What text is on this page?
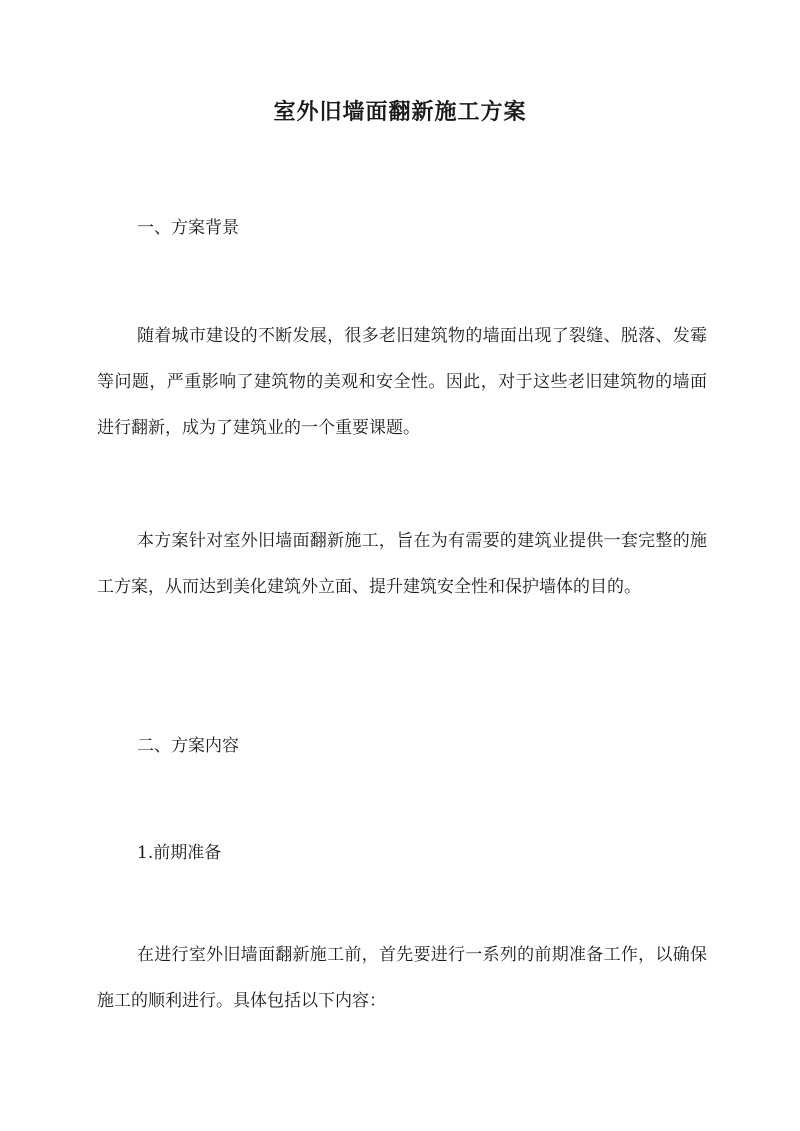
室外旧墙面翻新施工方案
一、方案背景
随着城市建设的不断发展，很多老旧建筑物的墙面出现了裂缝、脱落、发霉等问题，严重影响了建筑物的美观和安全性。因此，对于这些老旧建筑物的墙面进行翻新，成为了建筑业的一个重要课题。
本方案针对室外旧墙面翻新施工，旨在为有需要的建筑业提供一套完整的施工方案，从而达到美化建筑外立面、提升建筑安全性和保护墙体的目的。
二、方案内容
1.前期准备
在进行室外旧墙面翻新施工前，首先要进行一系列的前期准备工作，以确保施工的顺利进行。具体包括以下内容：
